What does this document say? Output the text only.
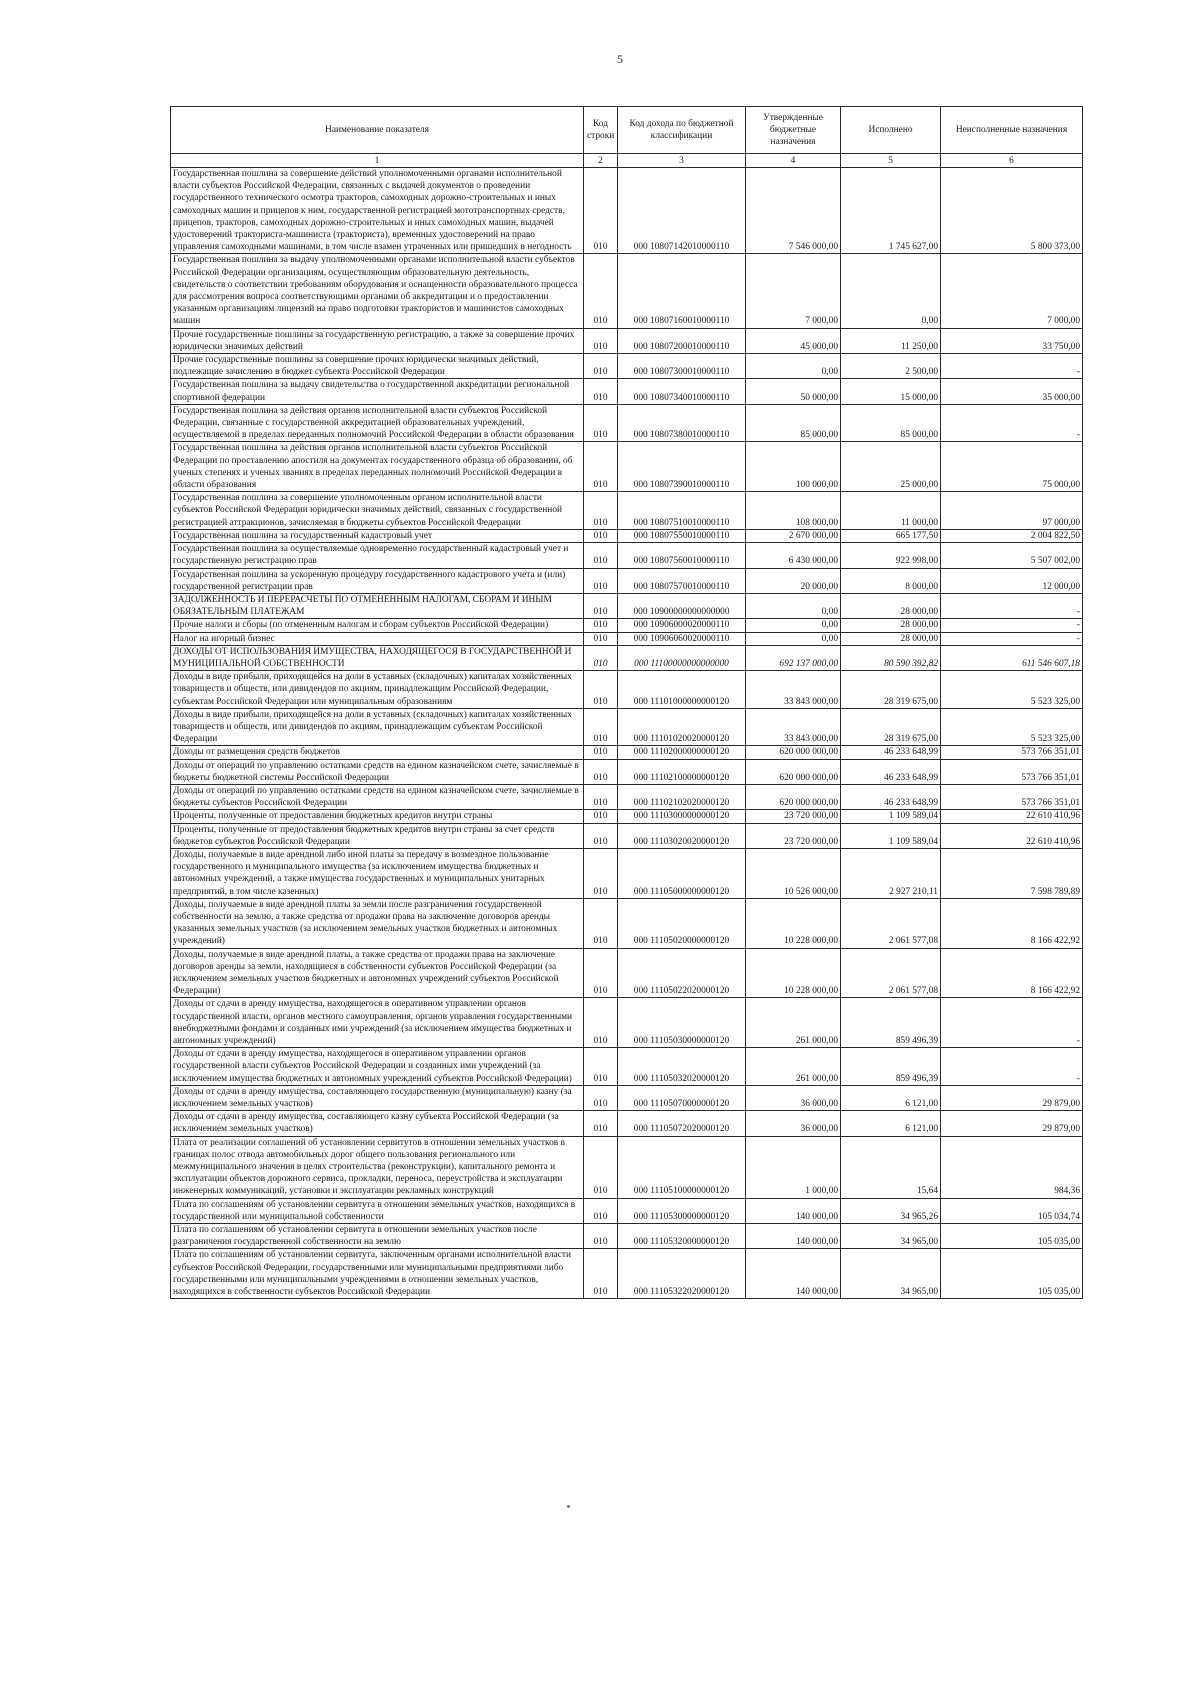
5
Наименование показателя	Код строки	Код дохода по бюджетной классификации	Утвержденные бюджетные назначения	Исполнено	Неисполненные назначения
1	2	3	4	5	6
Государственная пошлина за совершение действий уполномоченными органами исполнительной власти субъектов Российской Федерации, связанных с выдачей документов о проведении государственного технического осмотра тракторов, самоходных дорожно-строительных и иных самоходных машин и прицепов к ним, государственной регистрацией мототранспортных средств, прицепов, тракторов, самоходных дорожно-строительных и иных самоходных машин, выдачей удостоверений тракториста-машиниста (тракториста), временных удостоверений на право управления самоходными машинами, в том числе взамен утраченных или пришедших в негодность	010	000 10807142010000110	7 546 000,00	1 745 627,00	5 800 373,00
Государственная пошлина за выдачу уполномоченными органами исполнительной власти субъектов Российской Федерации организациям, осуществляющим образовательную деятельность, свидетельств о соответствии требованиям оборудования и оснащенности образовательного процесса для рассмотрения вопроса соответствующими органами об аккредитации и о предоставлении указанным организациям лицензий на право подготовки трактористов и машинистов самоходных машин	010	000 10807160010000110	7 000,00	0,00	7 000,00
Прочие государственные пошлины за государственную регистрацию, а также за совершение прочих юридически значимых действий	010	000 10807200010000110	45 000,00	11 250,00	33 750,00
Прочие государственные пошлины за совершение прочих юридически значимых действий, подлежащие зачислению в бюджет субъекта Российской Федерации	010	000 10807300010000110	0,00	2 500,00	-
Государственная пошлина за выдачу свидетельства о государственной аккредитации региональной спортивной федерации	010	000 10807340010000110	50 000,00	15 000,00	35 000,00
Государственная пошлина за действия органов исполнительной власти субъектов Российской Федерации, связанные с государственной аккредитацией образовательных учреждений, осуществляемой в пределах переданных полномочий Российской Федерации в области образования	010	000 10807380010000110	85 000,00	85 000,00	-
Государственная пошлина за действия органов исполнительной власти субъектов Российской Федерации по проставлению апостиля на документах государственного образца об образовании, об ученых степенях и ученых званиях в пределах переданных полномочий Российской Федерации в области образования	010	000 10807390010000110	100 000,00	25 000,00	75 000,00
Государственная пошлина за совершение уполномоченным органом исполнительной власти субъектов Российской Федерации юридически значимых действий, связанных с государственной регистрацией аттракционов, зачисляемая в бюджеты субъектов Российской Федерации	010	000 10807510010000110	108 000,00	11 000,00	97 000,00
Государственная пошлина за государственный кадастровый учет	010	000 10807550010000110	2 670 000,00	665 177,50	2 004 822,50
Государственная пошлина за осуществляемые одновременно государственный кадастровый учет и государственную регистрацию прав	010	000 10807560010000110	6 430 000,00	922 998,00	5 507 002,00
Государственная пошлина за ускоренную процедуру государственного кадастрового учета и (или) государственной регистрации прав	010	000 10807570010000110	20 000,00	8 000,00	12 000,00
ЗАДОЛЖЕННОСТЬ И ПЕРЕРАСЧЕТЫ ПО ОТМЕНЕННЫМ НАЛОГАМ, СБОРАМ И ИНЫМ ОБЯЗАТЕЛЬНЫМ ПЛАТЕЖАМ	010	000 10900000000000000	0,00	28 000,00	-
Прочие налоги и сборы (по отмененным налогам и сборам субъектов Российской Федерации)	010	000 10906000020000110	0,00	28 000,00	-
Налог на игорный бизнес	010	000 10906060020000110	0,00	28 000,00	-
ДОХОДЫ ОТ ИСПОЛЬЗОВАНИЯ ИМУЩЕСТВА, НАХОДЯЩЕГОСЯ В ГОСУДАРСТВЕННОЙ И МУНИЦИПАЛЬНОЙ СОБСТВЕННОСТИ	010	000 11100000000000000	692 137 000,00	80 590 392,82	611 546 607,18
Доходы в виде прибыли, приходящейся на доли в уставных (складочных) капиталах хозяйственных товариществ и обществ, или дивидендов по акциям, принадлежащим Российской Федерации, субъектам Российской Федерации или муниципальным образованиям	010	000 11101000000000120	33 843 000,00	28 319 675,00	5 523 325,00
Доходы в виде прибыли, приходящейся на доли в уставных (складочных) капиталах хозяйственных товариществ и обществ, или дивидендов по акциям, принадлежащим субъектам Российской Федерации	010	000 11101020020000120	33 843 000,00	28 319 675,00	5 523 325,00
Доходы от размещения средств бюджетов	010	000 11102000000000120	620 000 000,00	46 233 648,99	573 766 351,01
Доходы от операций по управлению остатками средств на едином казначейском счете, зачисляемые в бюджеты бюджетной системы Российской Федерации	010	000 11102100000000120	620 000 000,00	46 233 648,99	573 766 351,01
Доходы от операций по управлению остатками средств на едином казначейском счете, зачисляемые в бюджеты субъектов Российской Федерации	010	000 11102102020000120	620 000 000,00	46 233 648,99	573 766 351,01
Проценты, полученные от предоставления бюджетных кредитов внутри страны	010	000 11103000000000120	23 720 000,00	1 109 589,04	22 610 410,96
Проценты, полученные от предоставления бюджетных кредитов внутри страны за счет средств бюджетов субъектов Российской Федерации	010	000 11103020020000120	23 720 000,00	1 109 589,04	22 610 410,96
Доходы, получаемые в виде арендной либо иной платы за передачу в возмездное пользование государственного и муниципального имущества (за исключением имущества бюджетных и автономных учреждений, а также имущества государственных и муниципальных унитарных предприятий, в том числе казенных)	010	000 11105000000000120	10 526 000,00	2 927 210,11	7 598 789,89
Доходы, получаемые в виде арендной платы за земли после разграничения государственной собственности на землю, а также средства от продажи права на заключение договоров аренды указанных земельных участков (за исключением земельных участков бюджетных и автономных учреждений)	010	000 11105020000000120	10 228 000,00	2 061 577,08	8 166 422,92
Доходы, получаемые в виде арендной платы, а также средства от продажи права на заключение договоров аренды за земли, находящиеся в собственности субъектов Российской Федерации (за исключением земельных участков бюджетных и автономных учреждений субъектов Российской Федерации)	010	000 11105022020000120	10 228 000,00	2 061 577,08	8 166 422,92
Доходы от сдачи в аренду имущества, находящегося в оперативном управлении органов государственной власти, органов местного самоуправления, органов управления государственными внебюджетными фондами и созданных ими учреждений (за исключением имущества бюджетных и автономных учреждений)	010	000 11105030000000120	261 000,00	859 496,39	-
Доходы от сдачи в аренду имущества, находящегося в оперативном управлении органов государственной власти субъектов Российской Федерации и созданных ими учреждений (за исключением имущества бюджетных и автономных учреждений субъектов Российской Федерации)	010	000 11105032020000120	261 000,00	859 496,39	-
Доходы от сдачи в аренду имущества, составляющего государственную (муниципальную) казну (за исключением земельных участков)	010	000 11105070000000120	36 000,00	6 121,00	29 879,00
Доходы от сдачи в аренду имущества, составляющего казну субъекта Российской Федерации (за исключением земельных участков)	010	000 11105072020000120	36 000,00	6 121,00	29 879,00
Плата от реализации соглашений об установлении сервитутов в отношении земельных участков в границах полос отвода автомобильных дорог общего пользования регионального или межмуниципального значения в целях строительства (реконструкции), капитального ремонта и эксплуатации объектов дорожного сервиса, прокладки, переноса, переустройства и эксплуатации инженерных коммуникаций, установки и эксплуатации рекламных конструкций	010	000 11105100000000120	1 000,00	15,64	984,36
Плата по соглашениям об установлении сервитута в отношении земельных участков, находящихся в государственной или муниципальной собственности	010	000 11105300000000120	140 000,00	34 965,26	105 034,74
Плата по соглашениям об установлении сервитута в отношении земельных участков после разграничения государственной собственности на землю	010	000 11105320000000120	140 000,00	34 965,00	105 035,00
Плата по соглашениям об установлении сервитута, заключенным органами исполнительной власти субъектов Российской Федерации, государственными или муниципальными предприятиями либо государственными или муниципальными учреждениями в отношении земельных участков, находящихся в собственности субъектов Российской Федерации	010	000 11105322020000120	140 000,00	34 965,00	105 035,00
